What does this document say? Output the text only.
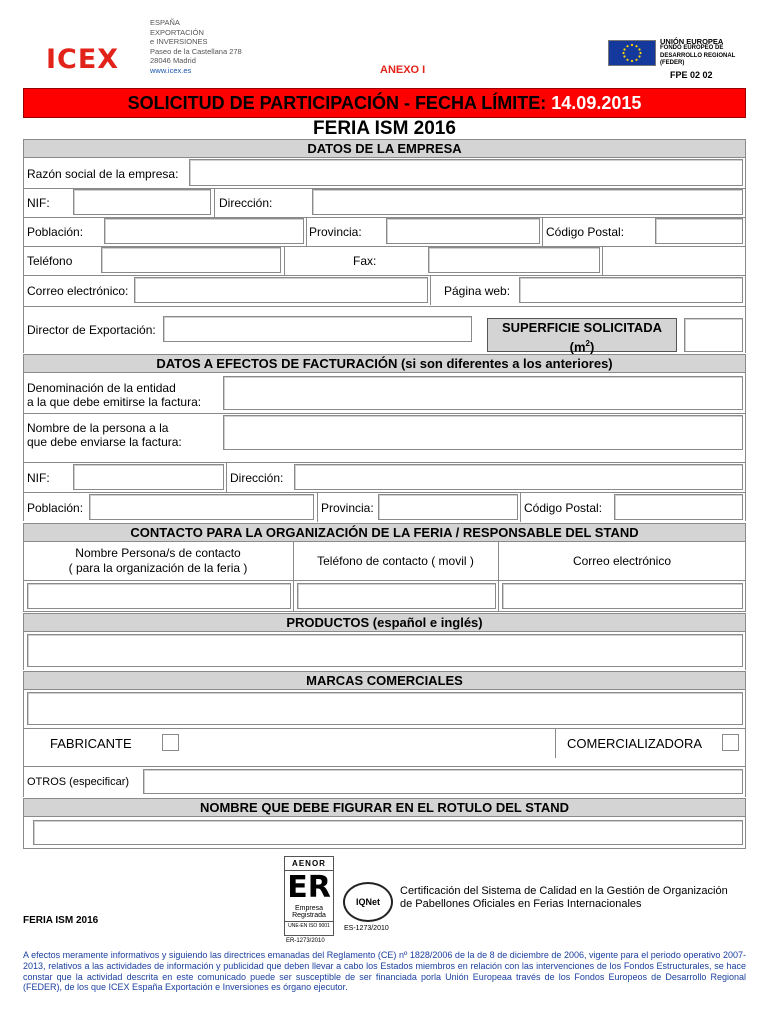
ICEX
ESPAÑA
EXPORTACIÓN
e INVERSIONES
Paseo de la Castellana 278
28046 Madrid
www.icex.es	ANEXO I
UNIÓN EUROPEA
FONDO EUROPEO DE
DESARROLLO REGIONAL
(FEDER)
FPE 02 02
SOLICITUD DE PARTICIPACIÓN - FECHA LÍMITE: 14.09.2015
FERIA ISM 2016
DATOS DE LA EMPRESA
Razón social de la empresa:
NIF:	Dirección:
Población:	Provincia:	Código Postal:
Teléfono	Fax:
Correo electrónico:	Página web:
Director de Exportación:	SUPERFICIE SOLICITADA
$(m^2)$
DATOS A EFECTOS DE FACTURACIÓN (si son diferentes a los anteriores)
Denominación de la entidad
a la que debe emitirse la factura:
Nombre de la persona a la
que debe enviarse la factura:
NIF:	Dirección:
Población:	Provincia:	Código Postal:
CONTACTO PARA LA ORGANIZACIÓN DE LA FERIA / RESPONSABLE DEL STAND
Nombre Persona/s de contacto
( para la organización de la feria )	Teléfono de contacto ( movil )	Correo electrónico
PRODUCTOS (español e inglés)
MARCAS COMERCIALES
FABRICANTE	COMERCIALIZADORA
OTROS (especificar)
NOMBRE QUE DEBE FIGURAR EN EL ROTULO DEL STAND
AENOR
ER
Empresa
Registrada
UNE-EN ISO 9001
ER-1273/2010
IQNet
ES-1273/2010
Certificación del Sistema de Calidad en la Gestión de Organización
de Pabellones Oficiales en Ferias Internacionales
FERIA ISM 2016
A efectos meramente informativos y siguiendo las directrices emanadas del Reglamento (CE) nº 1828/2006 de la de 8 de diciembre de 2006, vigente para el periodo operativo 2007-2013, relativos a las actividades de información y publicidad que deben llevar a cabo los Estados miembros en relación con las intervenciones de los Fondos Estructurales, se hace constar que la actividad descrita en este comunicado puede ser susceptible de ser financiada porla Unión Europeaa través de los Fondos Europeos de Desarrollo Regional (FEDER), de los que ICEX España Exportación e Inversiones es órgano ejecutor.
